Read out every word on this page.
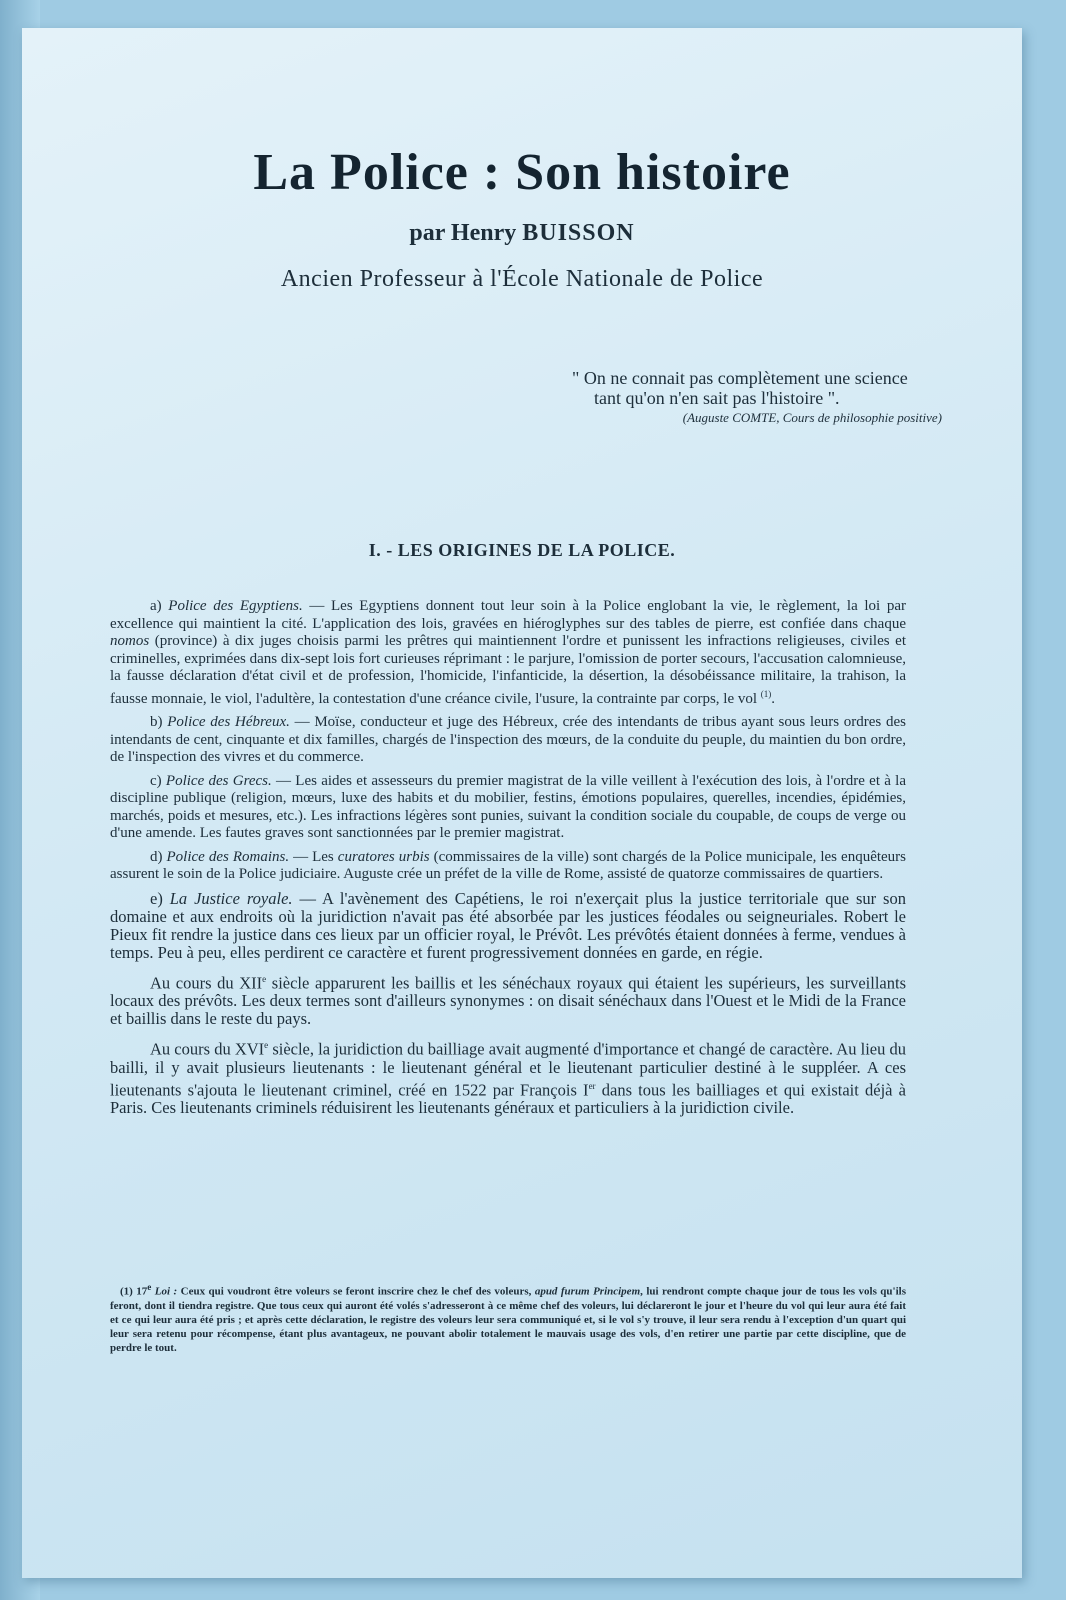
La Police : Son histoire
par Henry BUISSON
Ancien Professeur à l'École Nationale de Police
" On ne connait pas complètement une science
tant qu'on n'en sait pas l'histoire ".
(Auguste COMTE, Cours de philosophie positive)
I. - LES ORIGINES DE LA POLICE.

a) Police des Egyptiens. — Les Egyptiens donnent tout leur soin à la Police englobant la vie, le règlement, la loi par excellence qui maintient la cité. L'application des lois, gravées en hiéroglyphes sur des tables de pierre, est confiée dans chaque nomos (province) à dix juges choisis parmi les prêtres qui maintiennent l'ordre et punissent les infractions religieuses, civiles et criminelles, exprimées dans dix-sept lois fort curieuses réprimant : le parjure, l'omission de porter secours, l'accusation calomnieuse, la fausse déclaration d'état civil et de profession, l'homicide, l'infanticide, la désertion, la désobéissance militaire, la trahison, la fausse monnaie, le viol, l'adultère, la contestation d'une créance civile, l'usure, la contrainte par corps, le vol $^{(1)}$.

b) Police des Hébreux. — Moïse, conducteur et juge des Hébreux, crée des intendants de tribus ayant sous leurs ordres des intendants de cent, cinquante et dix familles, chargés de l'inspection des mœurs, de la conduite du peuple, du maintien du bon ordre, de l'inspection des vivres et du commerce.

c) Police des Grecs. — Les aides et assesseurs du premier magistrat de la ville veillent à l'exécution des lois, à l'ordre et à la discipline publique (religion, mœurs, luxe des habits et du mobilier, festins, émotions populaires, querelles, incendies, épidémies, marchés, poids et mesures, etc.). Les infractions légères sont punies, suivant la condition sociale du coupable, de coups de verge ou d'une amende. Les fautes graves sont sanctionnées par le premier magistrat.

d) Police des Romains. — Les curatores urbis (commissaires de la ville) sont chargés de la Police municipale, les enquêteurs assurent le soin de la Police judiciaire. Auguste crée un préfet de la ville de Rome, assisté de quatorze commissaires de quartiers.

e) La Justice royale. — A l'avènement des Capétiens, le roi n'exerçait plus la justice territoriale que sur son domaine et aux endroits où la juridiction n'avait pas été absorbée par les justices féodales ou seigneuriales. Robert le Pieux fit rendre la justice dans ces lieux par un officier royal, le Prévôt. Les prévôtés étaient données à ferme, vendues à temps. Peu à peu, elles perdirent ce caractère et furent progressivement données en garde, en régie.

Au cours du XIIe siècle apparurent les baillis et les sénéchaux royaux qui étaient les supérieurs, les surveillants locaux des prévôts. Les deux termes sont d'ailleurs synonymes : on disait sénéchaux dans l'Ouest et le Midi de la France et baillis dans le reste du pays.

Au cours du XVIe siècle, la juridiction du bailliage avait augmenté d'importance et changé de caractère. Au lieu du bailli, il y avait plusieurs lieutenants : le lieutenant général et le lieutenant particulier destiné à le suppléer. A ces lieutenants s'ajouta le lieutenant criminel, créé en 1522 par François Ier dans tous les bailliages et qui existait déjà à Paris. Ces lieutenants criminels réduisirent les lieutenants généraux et particuliers à la juridiction civile.

(1) 17e Loi : Ceux qui voudront être voleurs se feront inscrire chez le chef des voleurs, apud furum Principem, lui rendront compte chaque jour de tous les vols qu'ils feront, dont il tiendra registre. Que tous ceux qui auront été volés s'adresseront à ce même chef des voleurs, lui déclareront le jour et l'heure du vol qui leur aura été fait et ce qui leur aura été pris ; et après cette déclaration, le registre des voleurs leur sera communiqué et, si le vol s'y trouve, il leur sera rendu à l'exception d'un quart qui leur sera retenu pour récompense, étant plus avantageux, ne pouvant abolir totalement le mauvais usage des vols, d'en retirer une partie par cette discipline, que de perdre le tout.
